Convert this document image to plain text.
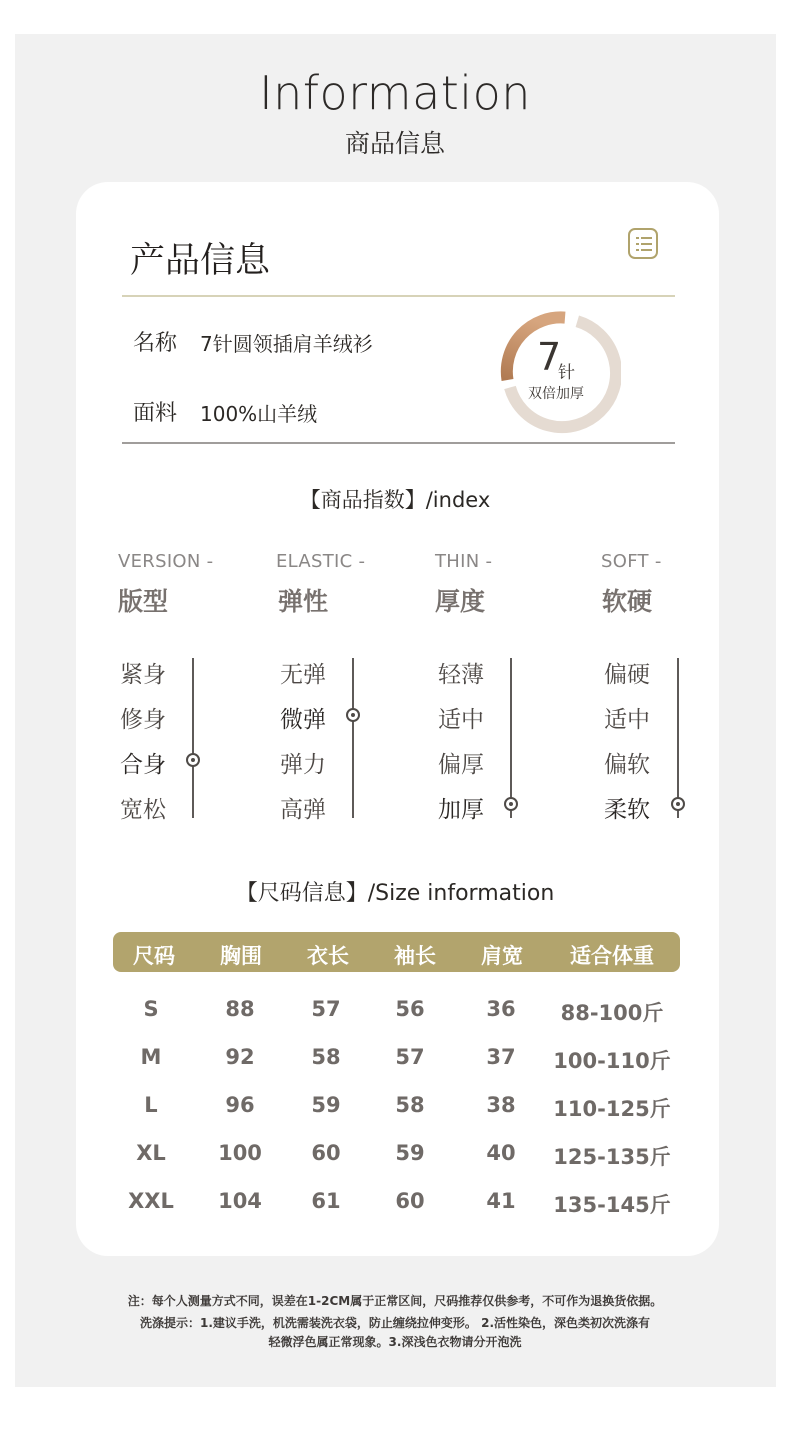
Information
商品信息
产品信息
名称 7针圆领插肩羊绒衫
面料 100%山羊绒
7
针
双倍加厚
【商品指数】/index
VERSION -
版型
紧身
修身
合身
宽松
ELASTIC -
弹性
无弹
微弹
弹力
高弹
THIN -
厚度
轻薄
适中
偏厚
加厚
SOFT -
软硬
偏硬
适中
偏软
柔软
【尺码信息】/Size information
尺码	胸围	衣长	袖长	肩宽	适合体重
S	88	57	56	36	88-100斤
M	92	58	57	37	100-110斤
L	96	59	58	38	110-125斤
XL	100	60	59	40	125-135斤
XXL	104	61	60	41	135-145斤
注：每个人测量方式不同，误差在1-2CM属于正常区间，尺码推荐仅供参考，不可作为退换货依据。
洗涤提示：1.建议手洗，机洗需装洗衣袋，防止缠绕拉伸变形。 2.活性染色，深色类初次洗涤有
轻微浮色属正常现象。3.深浅色衣物请分开泡洗
